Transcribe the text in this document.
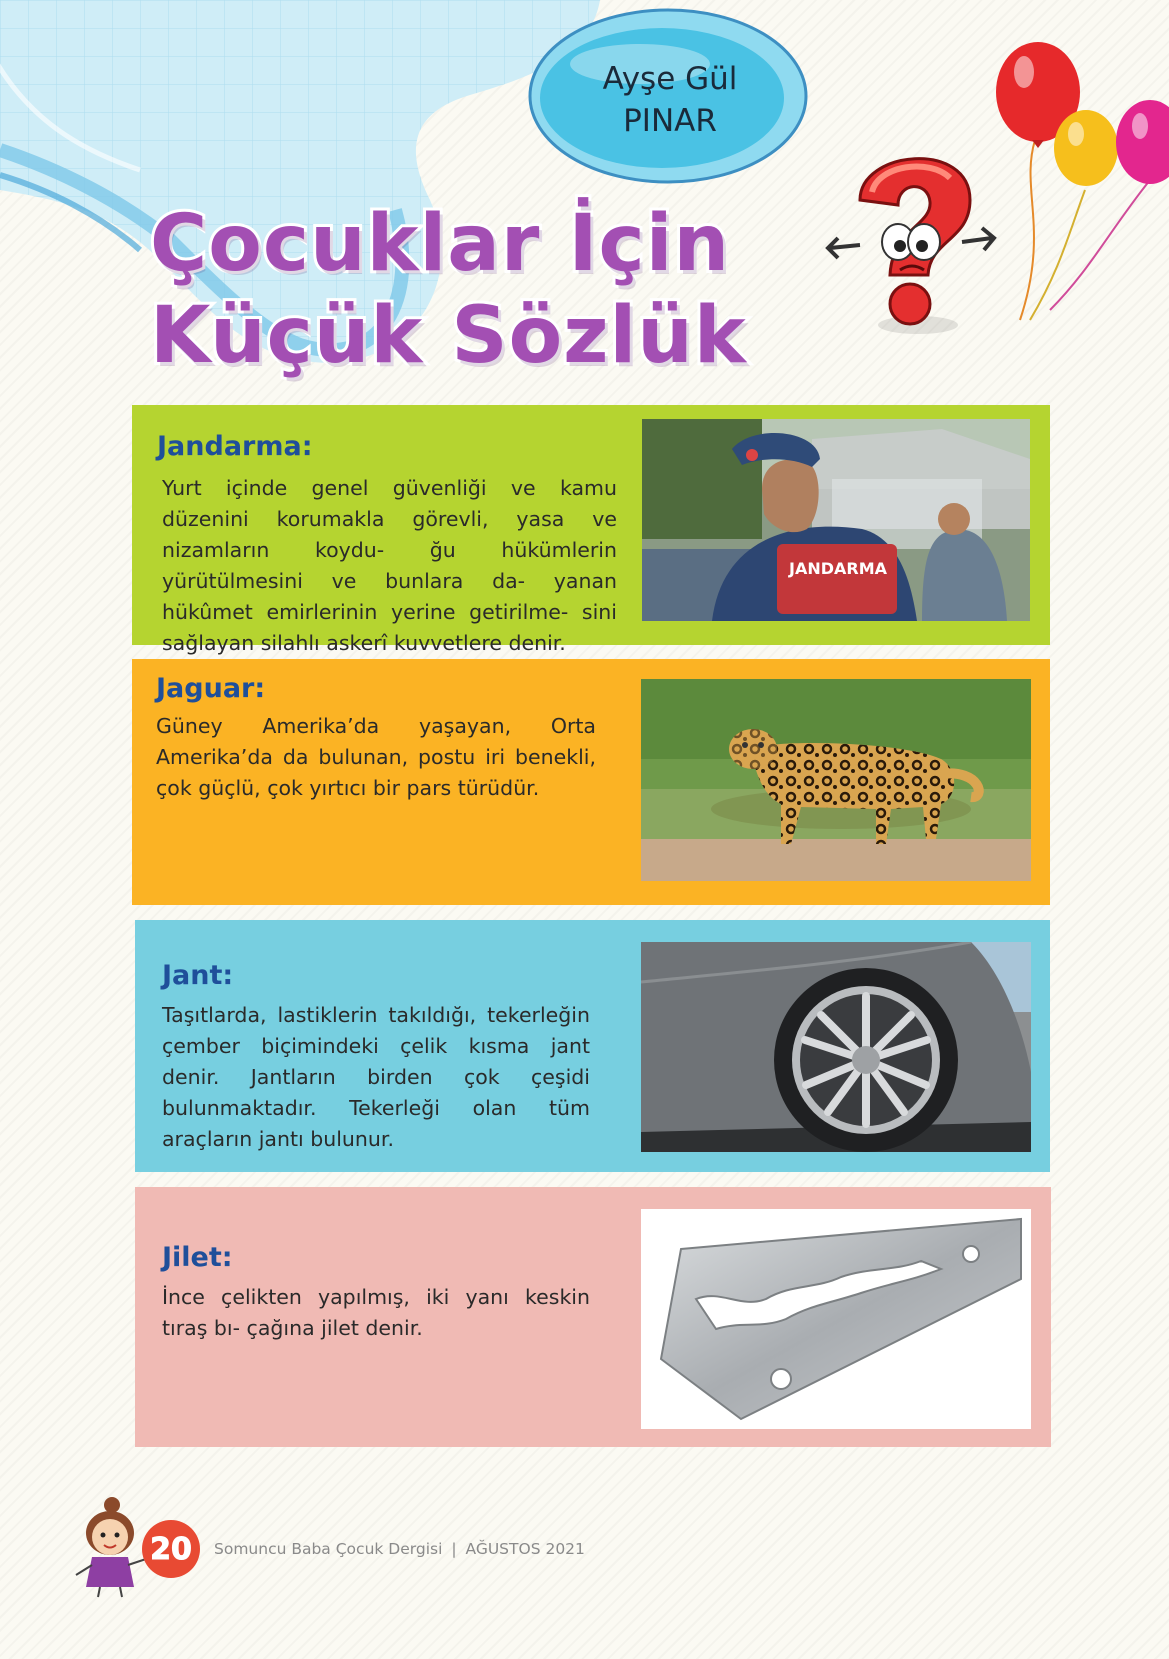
Ayşe Gül
PINAR
Çocuklar İçin
Küçük Sözlük
Jandarma:
Yurt içinde genel güvenliği ve kamu düzenini korumakla görevli, yasa ve nizamların koydu- ğu hükümlerin yürütülmesini ve bunlara da- yanan hükûmet emirlerinin yerine getirilme- sini sağlayan silahlı askerî kuvvetlere denir.
JANDARMA
Jaguar:
Güney Amerika’da yaşayan, Orta Amerika’da da bulunan, postu iri benekli, çok güçlü, çok yırtıcı bir pars türüdür.
Jant:
Taşıtlarda, lastiklerin takıldığı, tekerleğin çember biçimindeki çelik kısma jant denir. Jantların birden çok çeşidi bulunmaktadır. Tekerleği olan tüm araçların jantı bulunur.
Jilet:
İnce çelikten yapılmış, iki yanı keskin tıraş bı- çağına jilet denir.
20	Somuncu Baba Çocuk Dergisi | AĞUSTOS 2021
